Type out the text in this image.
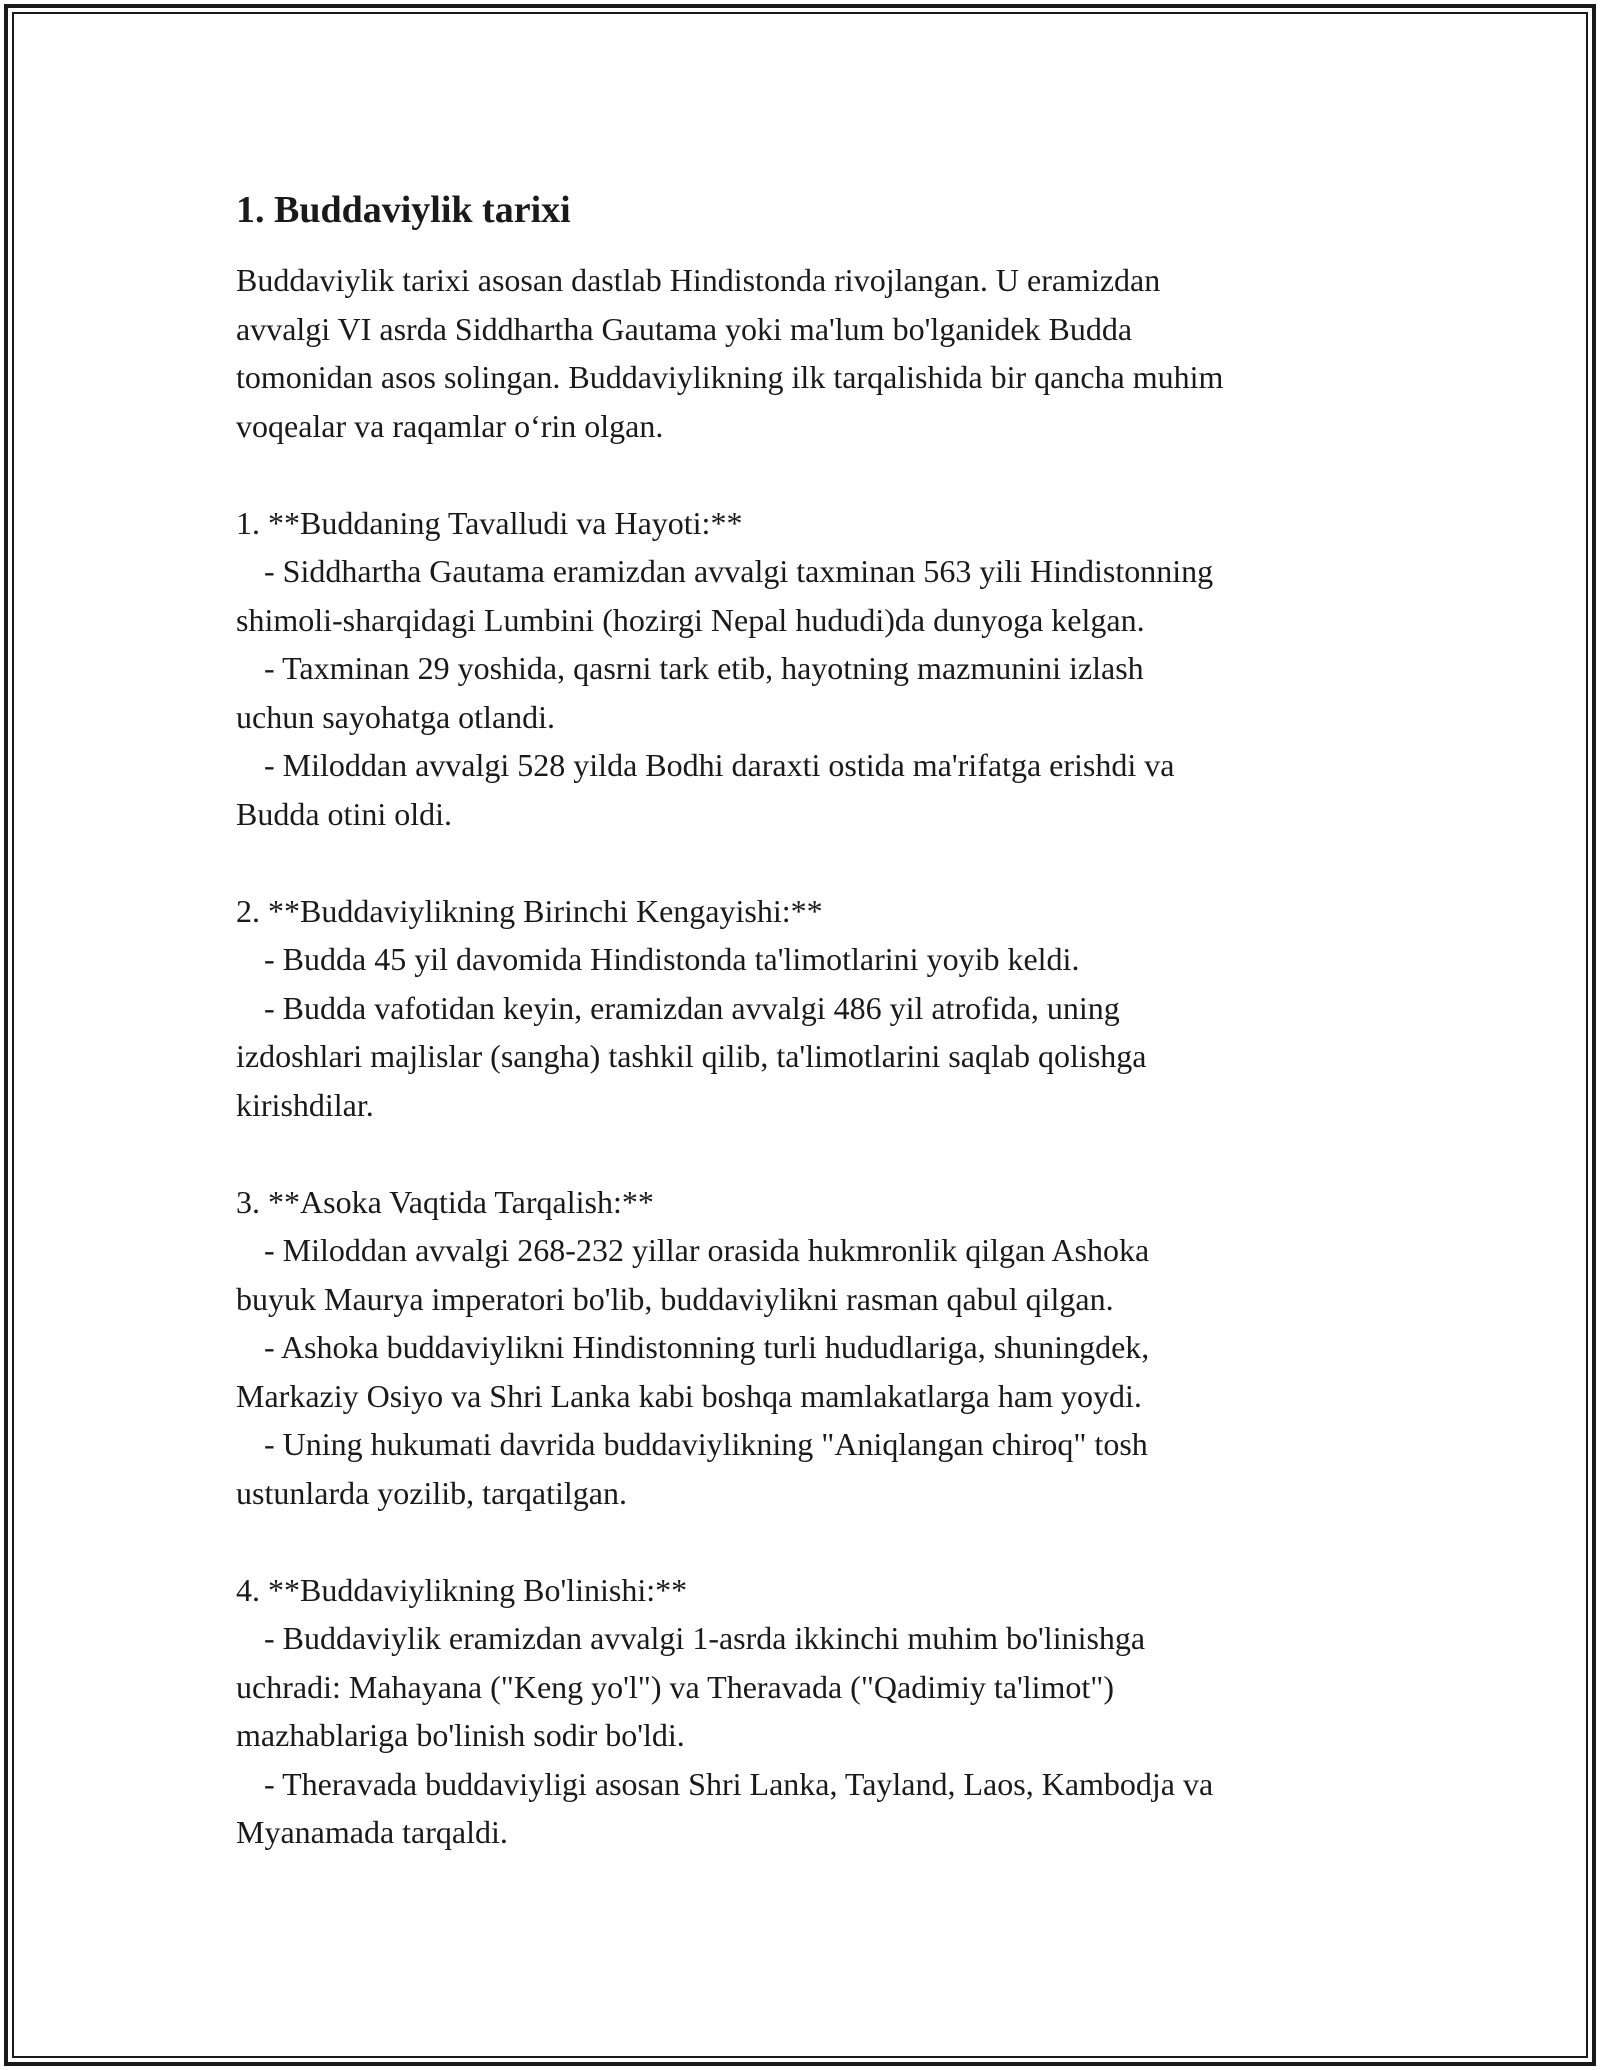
1. Buddaviylik tarixi
Buddaviylik tarixi asosan dastlab Hindistonda rivojlangan. U eramizdan
avvalgi VI asrda Siddhartha Gautama yoki ma'lum bo'lganidek Budda
tomonidan asos solingan. Buddaviylikning ilk tarqalishida bir qancha muhim
voqealar va raqamlar o‘rin olgan.
1. **Buddaning Tavalludi va Hayoti:**
- Siddhartha Gautama eramizdan avvalgi taxminan 563 yili Hindistonning
shimoli-sharqidagi Lumbini (hozirgi Nepal hududi)da dunyoga kelgan.
- Taxminan 29 yoshida, qasrni tark etib, hayotning mazmunini izlash
uchun sayohatga otlandi.
- Miloddan avvalgi 528 yilda Bodhi daraxti ostida ma'rifatga erishdi va
Budda otini oldi.
2. **Buddaviylikning Birinchi Kengayishi:**
- Budda 45 yil davomida Hindistonda ta'limotlarini yoyib keldi.
- Budda vafotidan keyin, eramizdan avvalgi 486 yil atrofida, uning
izdoshlari majlislar (sangha) tashkil qilib, ta'limotlarini saqlab qolishga
kirishdilar.
3. **Asoka Vaqtida Tarqalish:**
- Miloddan avvalgi 268-232 yillar orasida hukmronlik qilgan Ashoka
buyuk Maurya imperatori bo'lib, buddaviylikni rasman qabul qilgan.
- Ashoka buddaviylikni Hindistonning turli hududlariga, shuningdek,
Markaziy Osiyo va Shri Lanka kabi boshqa mamlakatlarga ham yoydi.
- Uning hukumati davrida buddaviylikning "Aniqlangan chiroq" tosh
ustunlarda yozilib, tarqatilgan.
4. **Buddaviylikning Bo'linishi:**
- Buddaviylik eramizdan avvalgi 1-asrda ikkinchi muhim bo'linishga
uchradi: Mahayana ("Keng yo'l") va Theravada ("Qadimiy ta'limot")
mazhablariga bo'linish sodir bo'ldi.
- Theravada buddaviyligi asosan Shri Lanka, Tayland, Laos, Kambodja va
Myanamada tarqaldi.
